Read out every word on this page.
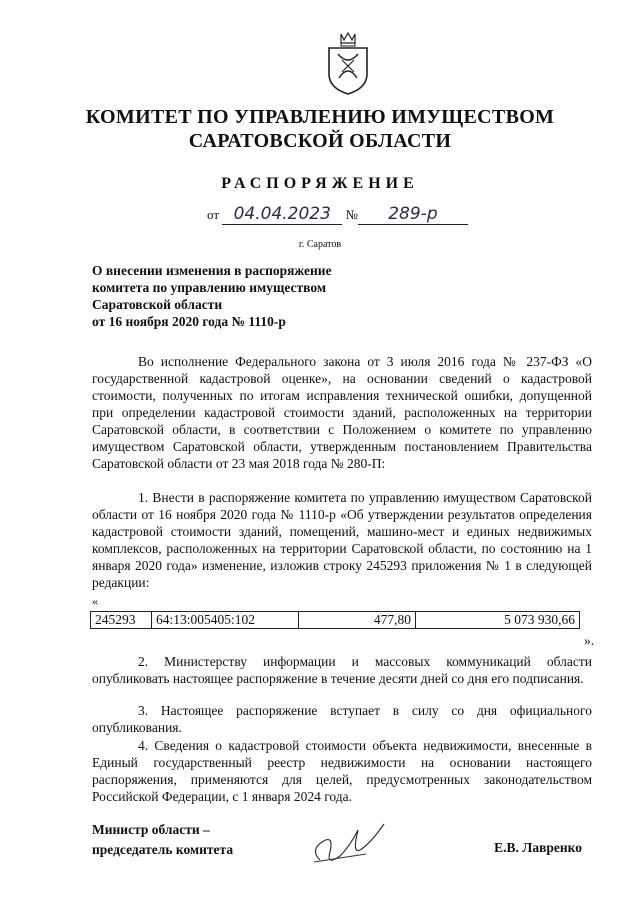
КОМИТЕТ ПО УПРАВЛЕНИЮ ИМУЩЕСТВОМ
САРАТОВСКОЙ ОБЛАСТИ
РАСПОРЯЖЕНИЕ
от 04.04.2023 № 289-р
г. Саратов
О внесении изменения в распоряжение
комитета по управлению имуществом
Саратовской области
от 16 ноября 2020 года № 1110-р
Во исполнение Федерального закона от 3 июля 2016 года № 237-ФЗ «О государственной кадастровой оценке», на основании сведений о кадастровой стоимости, полученных по итогам исправления технической ошибки, допущенной при определении кадастровой стоимости зданий, расположенных на территории Саратовской области, в соответствии с Положением о комитете по управлению имуществом Саратовской области, утвержденным постановлением Правительства Саратовской области от 23 мая 2018 года № 280-П:
1. Внести в распоряжение комитета по управлению имуществом Саратовской области от 16 ноября 2020 года № 1110-р «Об утверждении результатов определения кадастровой стоимости зданий, помещений, машино-мест и единых недвижимых комплексов, расположенных на территории Саратовской области, по состоянию на 1 января 2020 года» изменение, изложив строку 245293 приложения № 1 в следующей редакции:
«
245293	64:13:005405:102	477,80	5 073 930,66
».
2. Министерству информации и массовых коммуникаций области опубликовать настоящее распоряжение в течение десяти дней со дня его подписания.
3. Настоящее распоряжение вступает в силу со дня официального опубликования.
4. Сведения о кадастровой стоимости объекта недвижимости, внесенные в Единый государственный реестр недвижимости на основании настоящего распоряжения, применяются для целей, предусмотренных законодательством Российской Федерации, с 1 января 2024 года.
Министр области –
председатель комитета	Е.В. Лавренко
